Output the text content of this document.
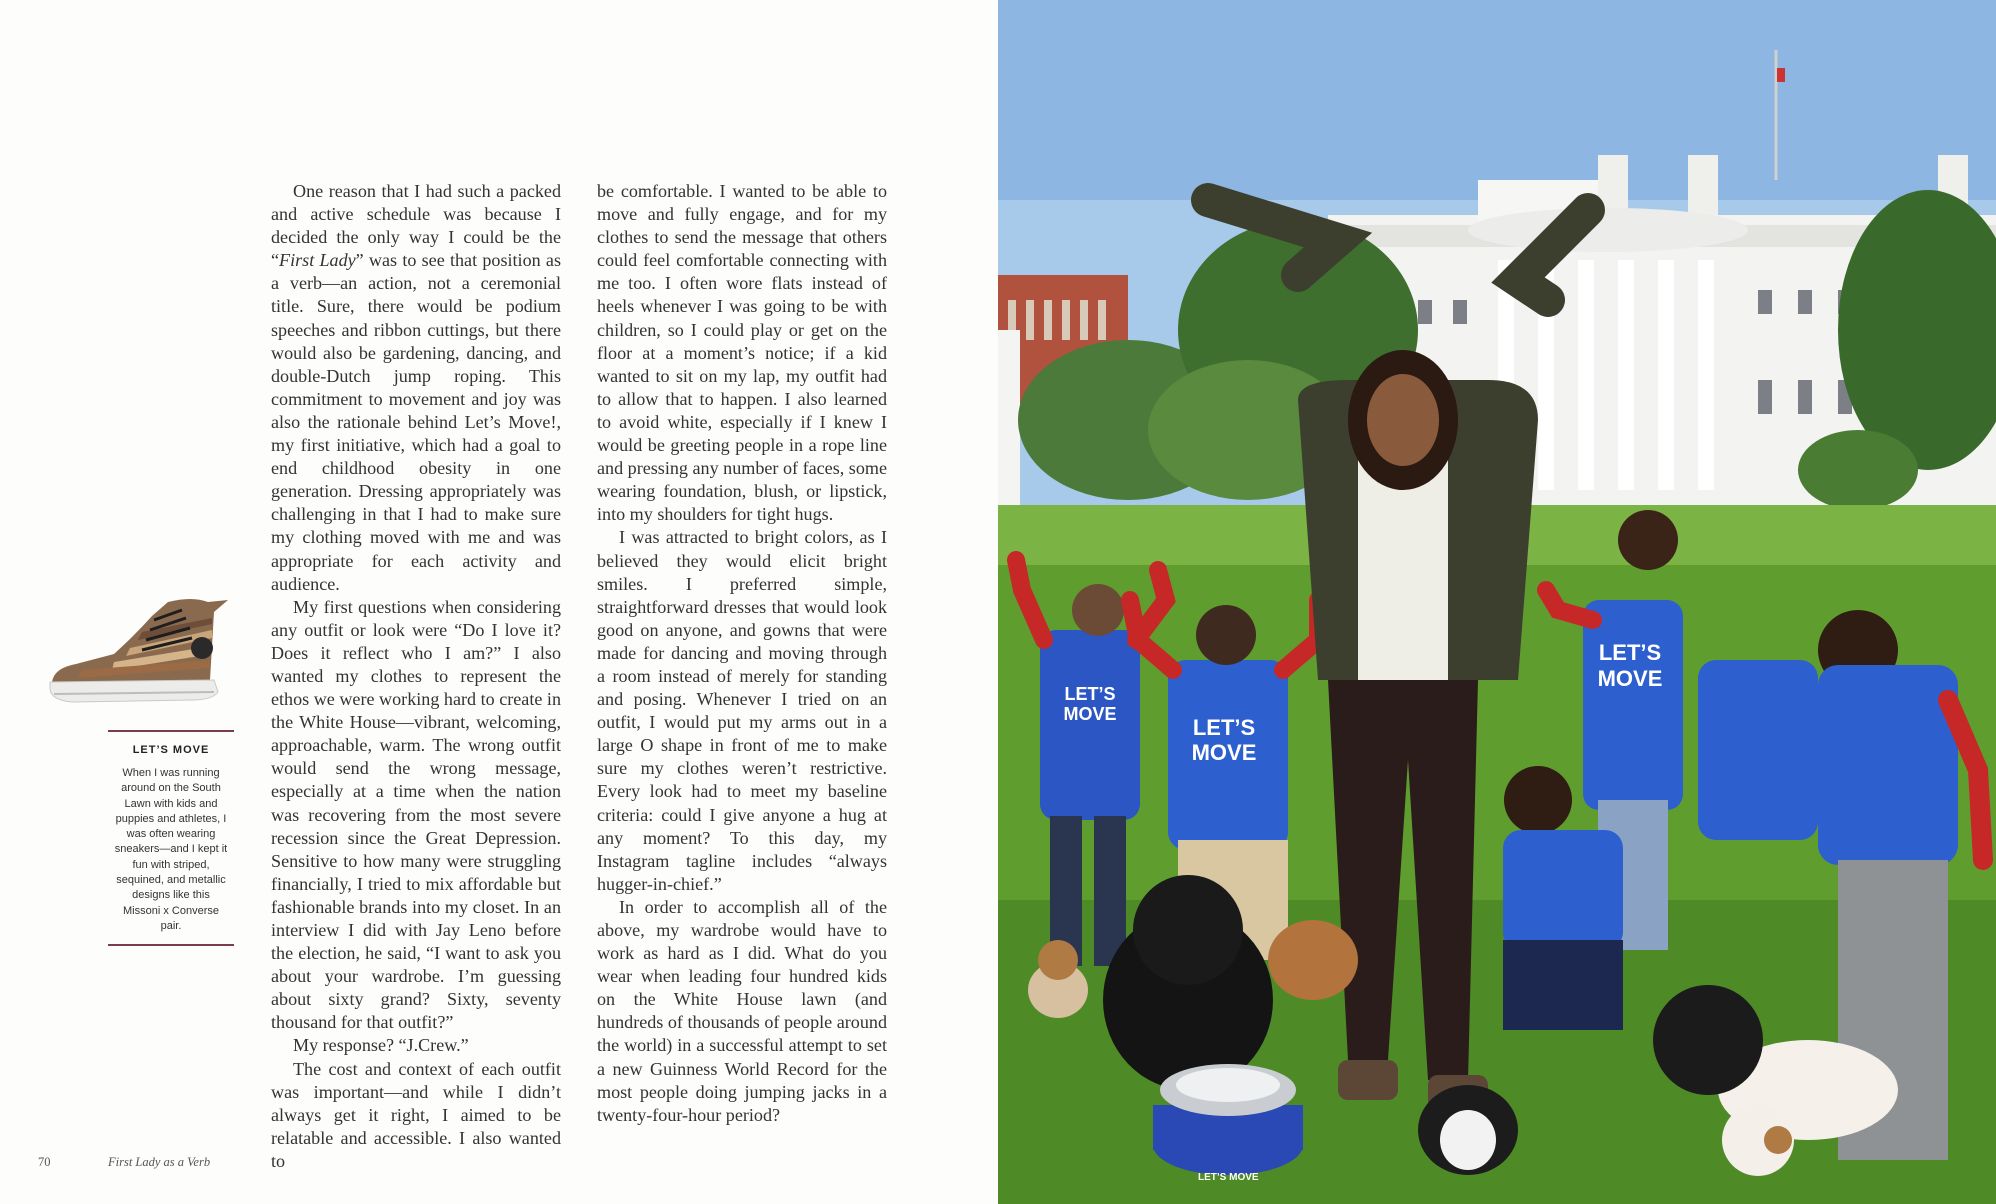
LET’S MOVE
When I was running around on the South Lawn with kids and puppies and athletes, I was often wearing sneakers—and I kept it fun with striped, sequined, and metallic designs like this Missoni x Converse pair.

One reason that I had such a packed and active schedule was because I decided the only way I could be the “First Lady” was to see that position as a verb—an action, not a ceremonial title. Sure, there would be podium speeches and ribbon cuttings, but there would also be gardening, dancing, and double-Dutch jump roping. This commitment to movement and joy was also the rationale behind Let’s Move!, my first initiative, which had a goal to end childhood obesity in one generation. Dressing appropriately was challenging in that I had to make sure my clothing moved with me and was appropriate for each activity and audience.

My first questions when considering any outfit or look were “Do I love it? Does it reflect who I am?” I also wanted my clothes to represent the ethos we were working hard to create in the White House—vibrant, welcoming, approachable, warm. The wrong outfit would send the wrong message, especially at a time when the nation was recovering from the most severe recession since the Great Depression. Sensitive to how many were struggling financially, I tried to mix affordable but fashionable brands into my closet. In an interview I did with Jay Leno before the election, he said, “I want to ask you about your wardrobe. I’m guessing about sixty grand? Sixty, seventy thousand for that outfit?”

My response? “J.Crew.”

The cost and context of each outfit was important—and while I didn’t always get it right, I aimed to be relatable and accessible. I also wanted to

be comfortable. I wanted to be able to move and fully engage, and for my clothes to send the message that others could feel comfortable connecting with me too. I often wore flats instead of heels whenever I was going to be with children, so I could play or get on the floor at a moment’s notice; if a kid wanted to sit on my lap, my outfit had to allow that to happen. I also learned to avoid white, especially if I knew I would be greeting people in a rope line and pressing any number of faces, some wearing foundation, blush, or lipstick, into my shoulders for tight hugs.

I was attracted to bright colors, as I believed they would elicit bright smiles. I preferred simple, straightforward dresses that would look good on anyone, and gowns that were made for dancing and moving through a room instead of merely for standing and posing. Whenever I tried on an outfit, I would put my arms out in a large O shape in front of me to make sure my clothes weren’t restrictive. Every look had to meet my baseline criteria: could I give anyone a hug at any moment? To this day, my Instagram tagline includes “always hugger-in-chief.”

In order to accomplish all of the above, my wardrobe would have to work as hard as I did. What do you wear when leading four hundred kids on the White House lawn (and hundreds of thousands of people around the world) in a successful attempt to set a new Guinness World Record for the most people doing jumping jacks in a twenty-four-hour period?

70	First Lady as a Verb
LET’S
MOVE
LET’S
MOVE
LET’S
MOVE
LET’S MOVE
